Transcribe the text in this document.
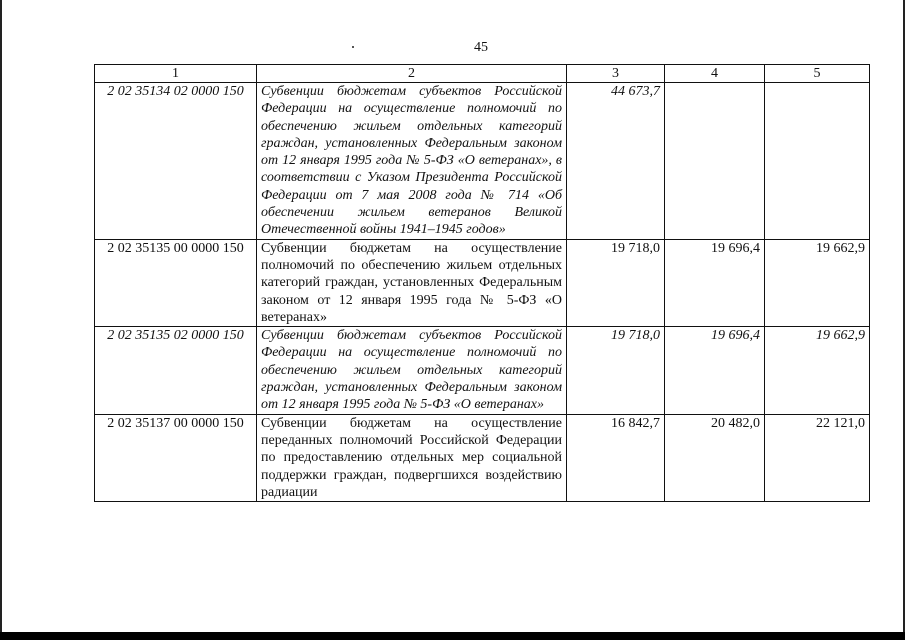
45
1	2	3	4	5
2 02 35134 02 0000 150	Субвенции бюджетам субъектов Российской Федерации на осуществление полномочий по обеспечению жильем отдельных категорий граждан, установленных Федеральным законом от 12 января 1995 года № 5-ФЗ «О ветеранах», в соответствии с Указом Президента Российской Федерации от 7 мая 2008 года № 714 «Об обеспечении жильем ветеранов Великой Отечественной войны 1941–1945 годов»	44 673,7		
2 02 35135 00 0000 150	Субвенции бюджетам на осуществление полномочий по обеспечению жильем отдельных категорий граждан, установленных Федеральным законом от 12 января 1995 года № 5-ФЗ «О ветеранах»	19 718,0	19 696,4	19 662,9
2 02 35135 02 0000 150	Субвенции бюджетам субъектов Российской Федерации на осуществление полномочий по обеспечению жильем отдельных категорий граждан, установленных Федеральным законом от 12 января 1995 года № 5-ФЗ «О ветеранах»	19 718,0	19 696,4	19 662,9
2 02 35137 00 0000 150	Субвенции бюджетам на осуществление переданных полномочий Российской Федерации по предоставлению отдельных мер социальной поддержки граждан, подвергшихся воздействию радиации	16 842,7	20 482,0	22 121,0
